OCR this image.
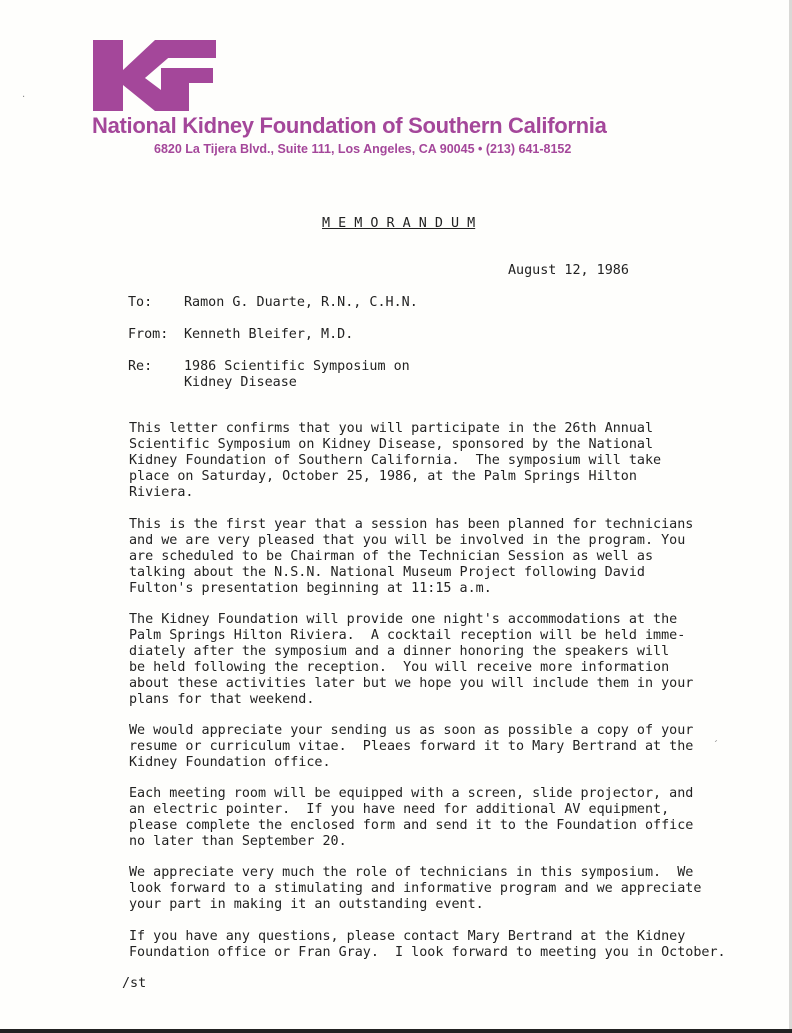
National Kidney Foundation of Southern California
6820 La Tijera Blvd., Suite 111, Los Angeles, CA 90045 • (213) 641-8152
M E M O R A N D U M
August 12, 1986
To: Ramon G. Duarte, R.N., C.H.N.
From: Kenneth Bleifer, M.D.
Re: 1986 Scientific Symposium on
Kidney Disease
This letter confirms that you will participate in the 26th Annual
Scientific Symposium on Kidney Disease, sponsored by the National
Kidney Foundation of Southern California.  The symposium will take
place on Saturday, October 25, 1986, at the Palm Springs Hilton
Riviera.
This is the first year that a session has been planned for technicians
and we are very pleased that you will be involved in the program. You
are scheduled to be Chairman of the Technician Session as well as
talking about the N.S.N. National Museum Project following David
Fulton's presentation beginning at 11:15 a.m.
The Kidney Foundation will provide one night's accommodations at the
Palm Springs Hilton Riviera.  A cocktail reception will be held imme-
diately after the symposium and a dinner honoring the speakers will
be held following the reception.  You will receive more information
about these activities later but we hope you will include them in your
plans for that weekend.
We would appreciate your sending us as soon as possible a copy of your
resume or curriculum vitae.  Pleaes forward it to Mary Bertrand at the
Kidney Foundation office.
Each meeting room will be equipped with a screen, slide projector, and
an electric pointer.  If you have need for additional AV equipment,
please complete the enclosed form and send it to the Foundation office
no later than September 20.
We appreciate very much the role of technicians in this symposium.  We
look forward to a stimulating and informative program and we appreciate
your part in making it an outstanding event.
If you have any questions, please contact Mary Bertrand at the Kidney
Foundation office or Fran Gray.  I look forward to meeting you in October.
/st
·
ˊ
